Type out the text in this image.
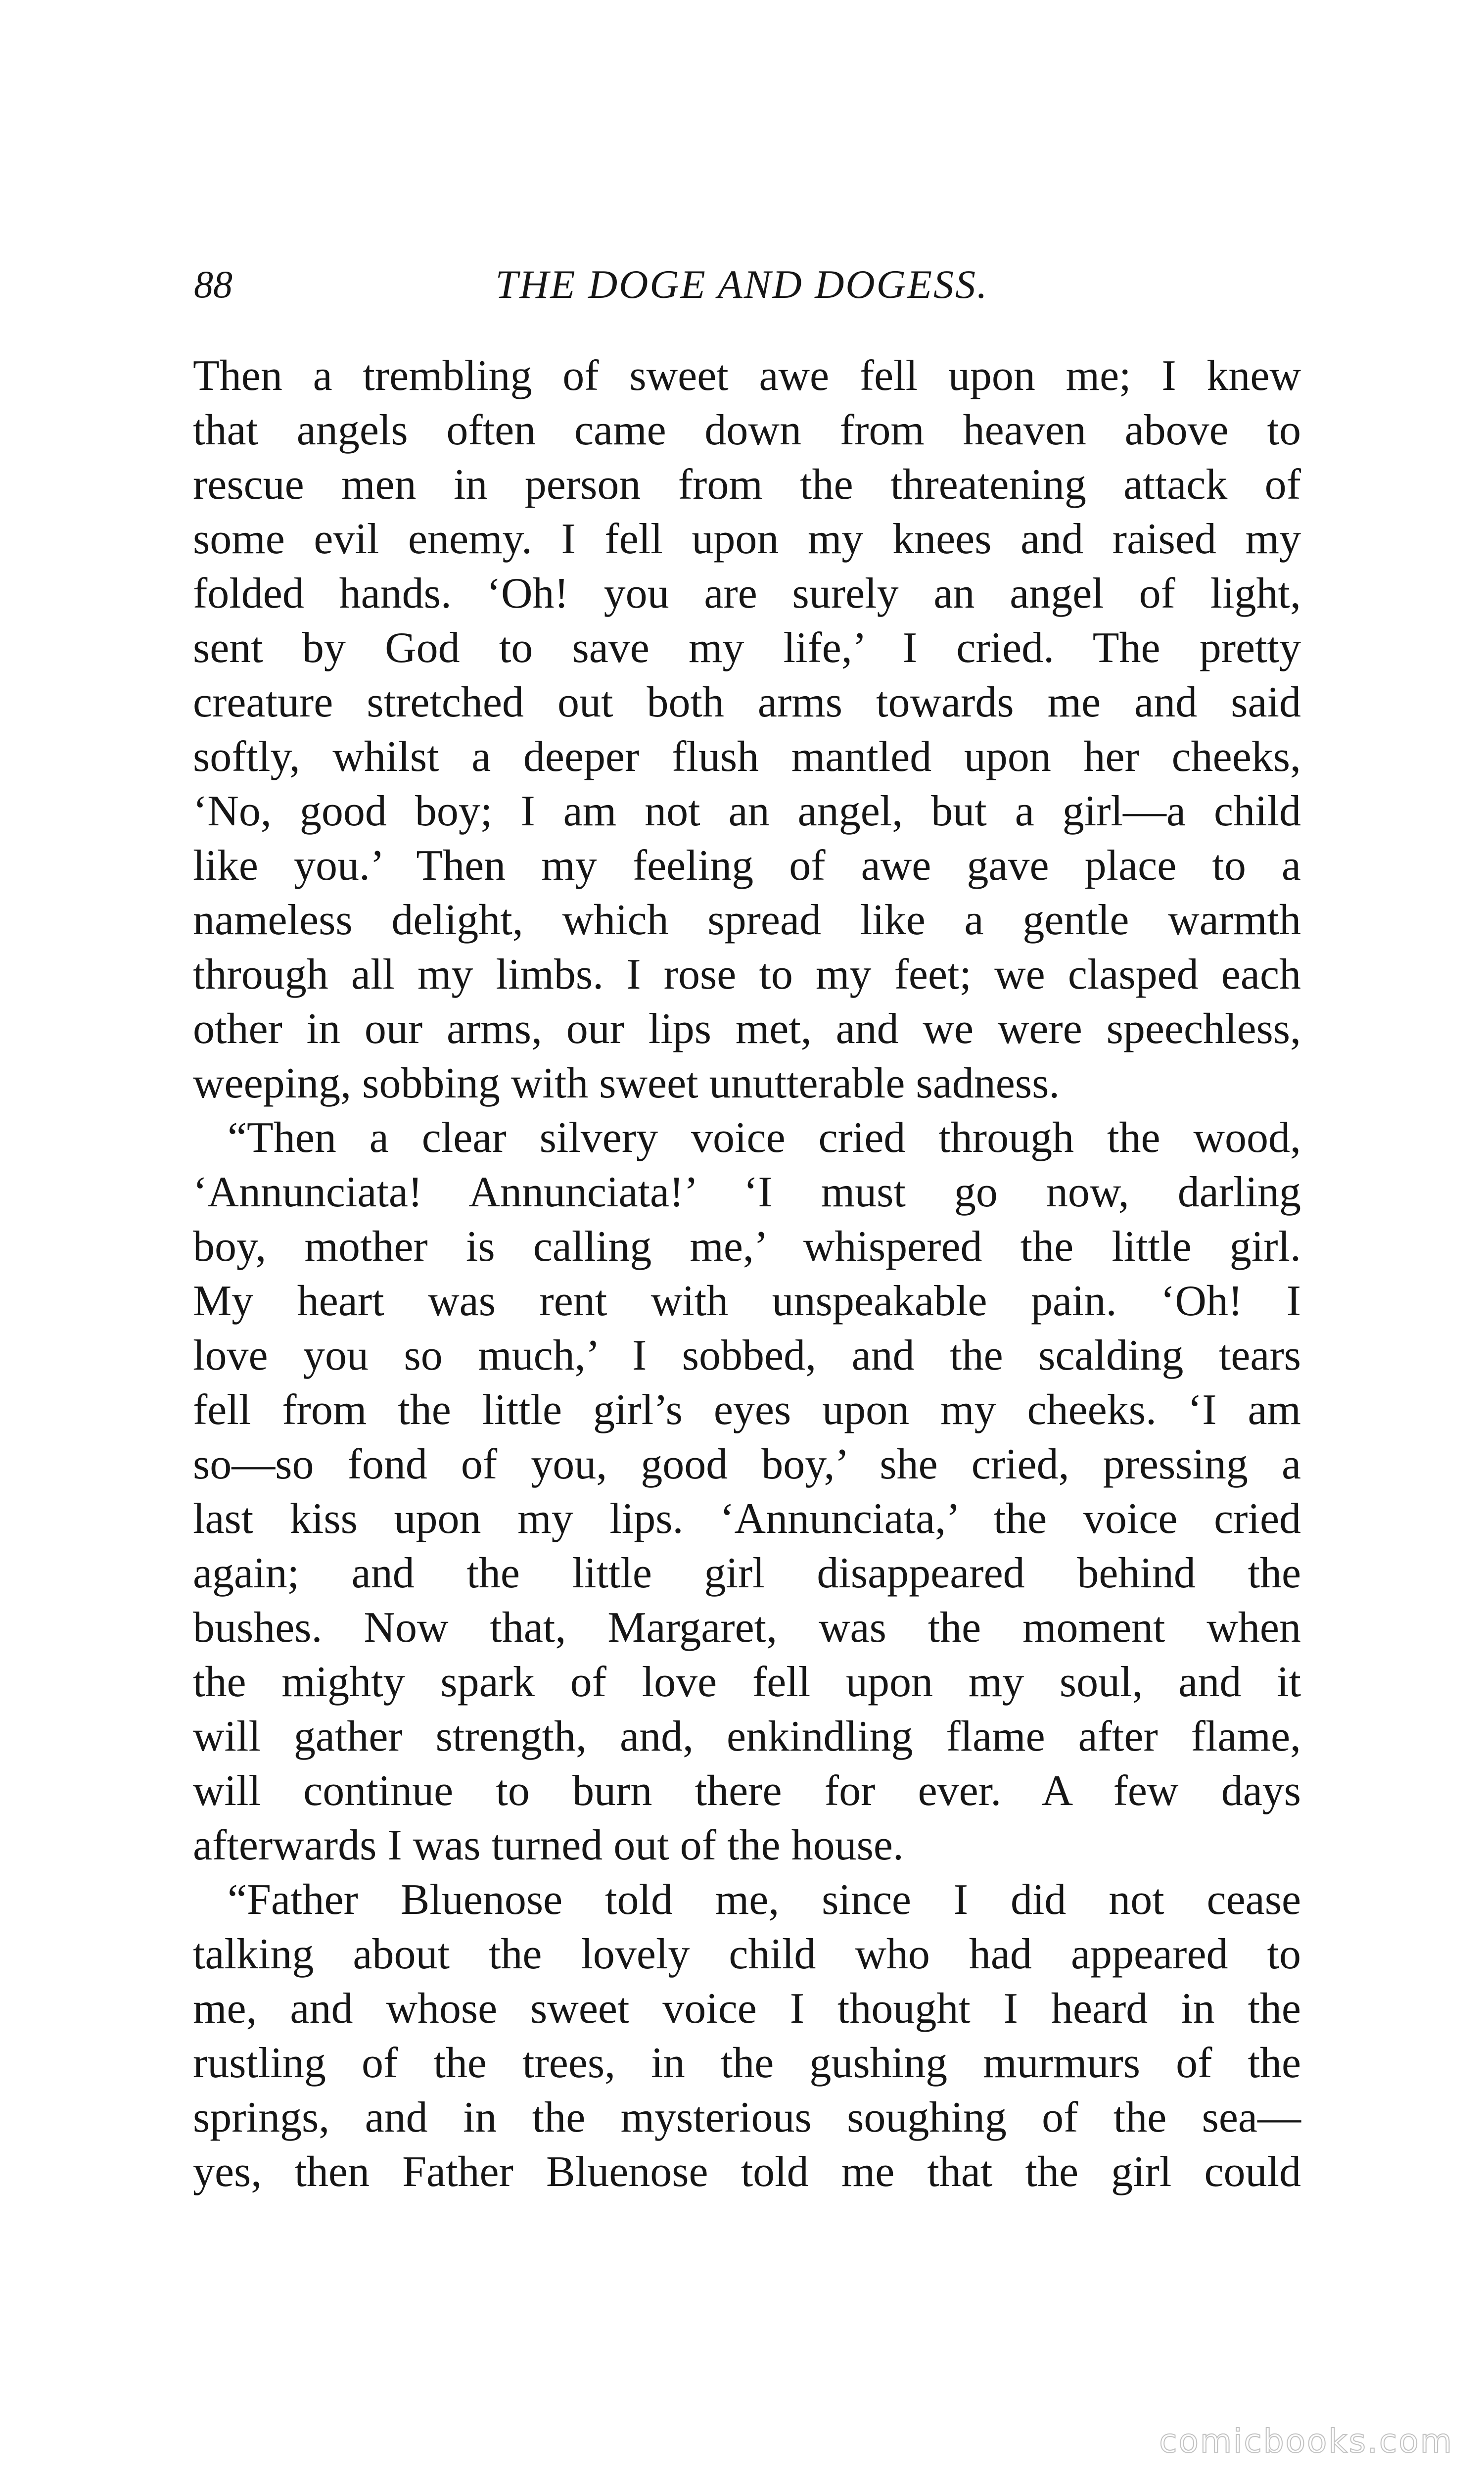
THE DOGE AND DOGESS.
88
Then a trembling of sweet awe fell upon me; I knew
that angels often came down from heaven above to
rescue men in person from the threatening attack of
some evil enemy. I fell upon my knees and raised my
folded hands. ‘Oh! you are surely an angel of light,
sent by God to save my life,’ I cried. The pretty
creature stretched out both arms towards me and said
softly, whilst a deeper flush mantled upon her cheeks,
‘No, good boy; I am not an angel, but a girl—a child
like you.’ Then my feeling of awe gave place to a
nameless delight, which spread like a gentle warmth
through all my limbs. I rose to my feet; we clasped each
other in our arms, our lips met, and we were speechless,
weeping, sobbing with sweet unutterable sadness.
“Then a clear silvery voice cried through the wood,
‘Annunciata! Annunciata!’ ‘I must go now, darling
boy, mother is calling me,’ whispered the little girl.
My heart was rent with unspeakable pain. ‘Oh! I
love you so much,’ I sobbed, and the scalding tears
fell from the little girl’s eyes upon my cheeks. ‘I am
so—so fond of you, good boy,’ she cried, pressing a
last kiss upon my lips. ‘Annunciata,’ the voice cried
again; and the little girl disappeared behind the
bushes. Now that, Margaret, was the moment when
the mighty spark of love fell upon my soul, and it
will gather strength, and, enkindling flame after flame,
will continue to burn there for ever. A few days
afterwards I was turned out of the house.
“Father Bluenose told me, since I did not cease
talking about the lovely child who had appeared to
me, and whose sweet voice I thought I heard in the
rustling of the trees, in the gushing murmurs of the
springs, and in the mysterious soughing of the sea—
yes, then Father Bluenose told me that the girl could
comicbooks.com
